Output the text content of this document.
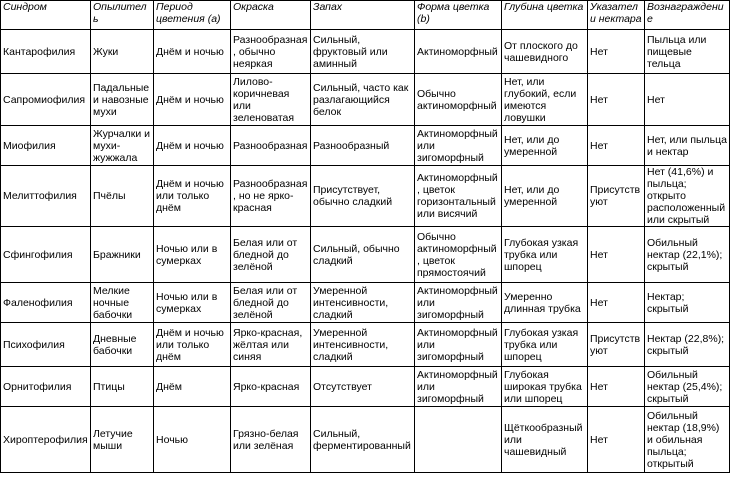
Синдром	Опылитель	Период цветения (a)	Окраска	Запах	Форма цветка (b)	Глубина цветка	Указатели нектара	Вознаграждение
Кантарофилия	Жуки	Днём и ночью	Разнообразная, обычно неяркая	Сильный, фруктовый или аминный	Актиноморфный	От плоского до чашевидного	Нет	Пыльца или пищевые тельца
Сапромиофилия	Падальные и навозные мухи	Днём и ночью	Лилово-коричневая или зеленоватая	Сильный, часто как разлагающийся белок	Обычно актиноморфный	Нет, или глубокий, если имеются ловушки	Нет	Нет
Миофилия	Журчалки и мухи-жужжала	Днём и ночью	Разнообразная	Разнообразный	Актиноморфный или зигоморфный	Нет, или до умеренной	Нет	Нет, или пыльца и нектар
Мелиттофилия	Пчёлы	Днём и ночью или только днём	Разнообразная, но не ярко-красная	Присутствует, обычно сладкий	Актиноморфный, цветок горизонтальный или висячий	Нет, или до умеренной	Присутствуют	Нет (41,6%) и пыльца; открыто расположенный или скрытый
Сфингофилия	Бражники	Ночью или в сумерках	Белая или от бледной до зелёной	Сильный, обычно сладкий	Обычно актиноморфный, цветок прямостоячий	Глубокая узкая трубка или шпорец	Нет	Обильный нектар (22,1%); скрытый
Фаленофилия	Мелкие ночные бабочки	Ночью или в сумерках	Белая или от бледной до зелёной	Умеренной интенсивности, сладкий	Актиноморфный или зигоморфный	Умеренно длинная трубка	Нет	Нектар; скрытый
Психофилия	Дневные бабочки	Днём и ночью или только днём	Ярко-красная, жёлтая или синяя	Умеренной интенсивности, сладкий	Актиноморфный или зигоморфный	Глубокая узкая трубка или шпорец	Присутствуют	Нектар (22,8%); скрытый
Орнитофилия	Птицы	Днём	Ярко-красная	Отсутствует	Актиноморфный или зигоморфный	Глубокая широкая трубка или шпорец	Нет	Обильный нектар (25,4%); скрытый
Хироптерофилия	Летучие мыши	Ночью	Грязно-белая или зелёная	Сильный, ферментированный		Щёткообразный или чашевидный	Нет	Обильный нектар (18,9%) и обильная пыльца; открытый
